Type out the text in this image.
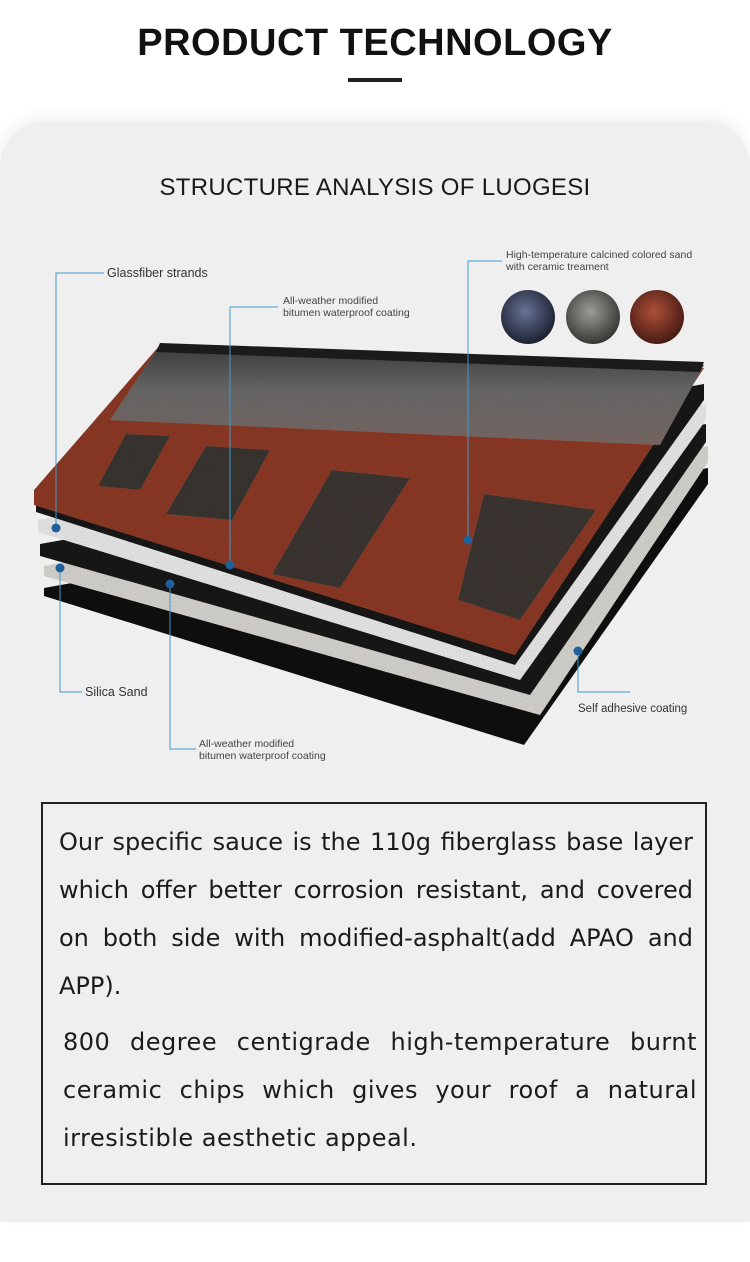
PRODUCT TECHNOLOGY
STRUCTURE ANALYSIS OF LUOGESI
Glassfiber strands
All-weather modified
bitumen waterproof coating
High-temperature calcined colored sand
with ceramic treament
Silica Sand
All-weather modified
bitumen waterproof coating
Self adhesive coating
Our specific sauce is the 110g fiberglass base layer which offer better corrosion resistant, and covered on both side with modified-asphalt(add APAO and APP).
800 degree centigrade high-temperature burnt ceramic chips which gives your roof a natural irresistible aesthetic appeal.
